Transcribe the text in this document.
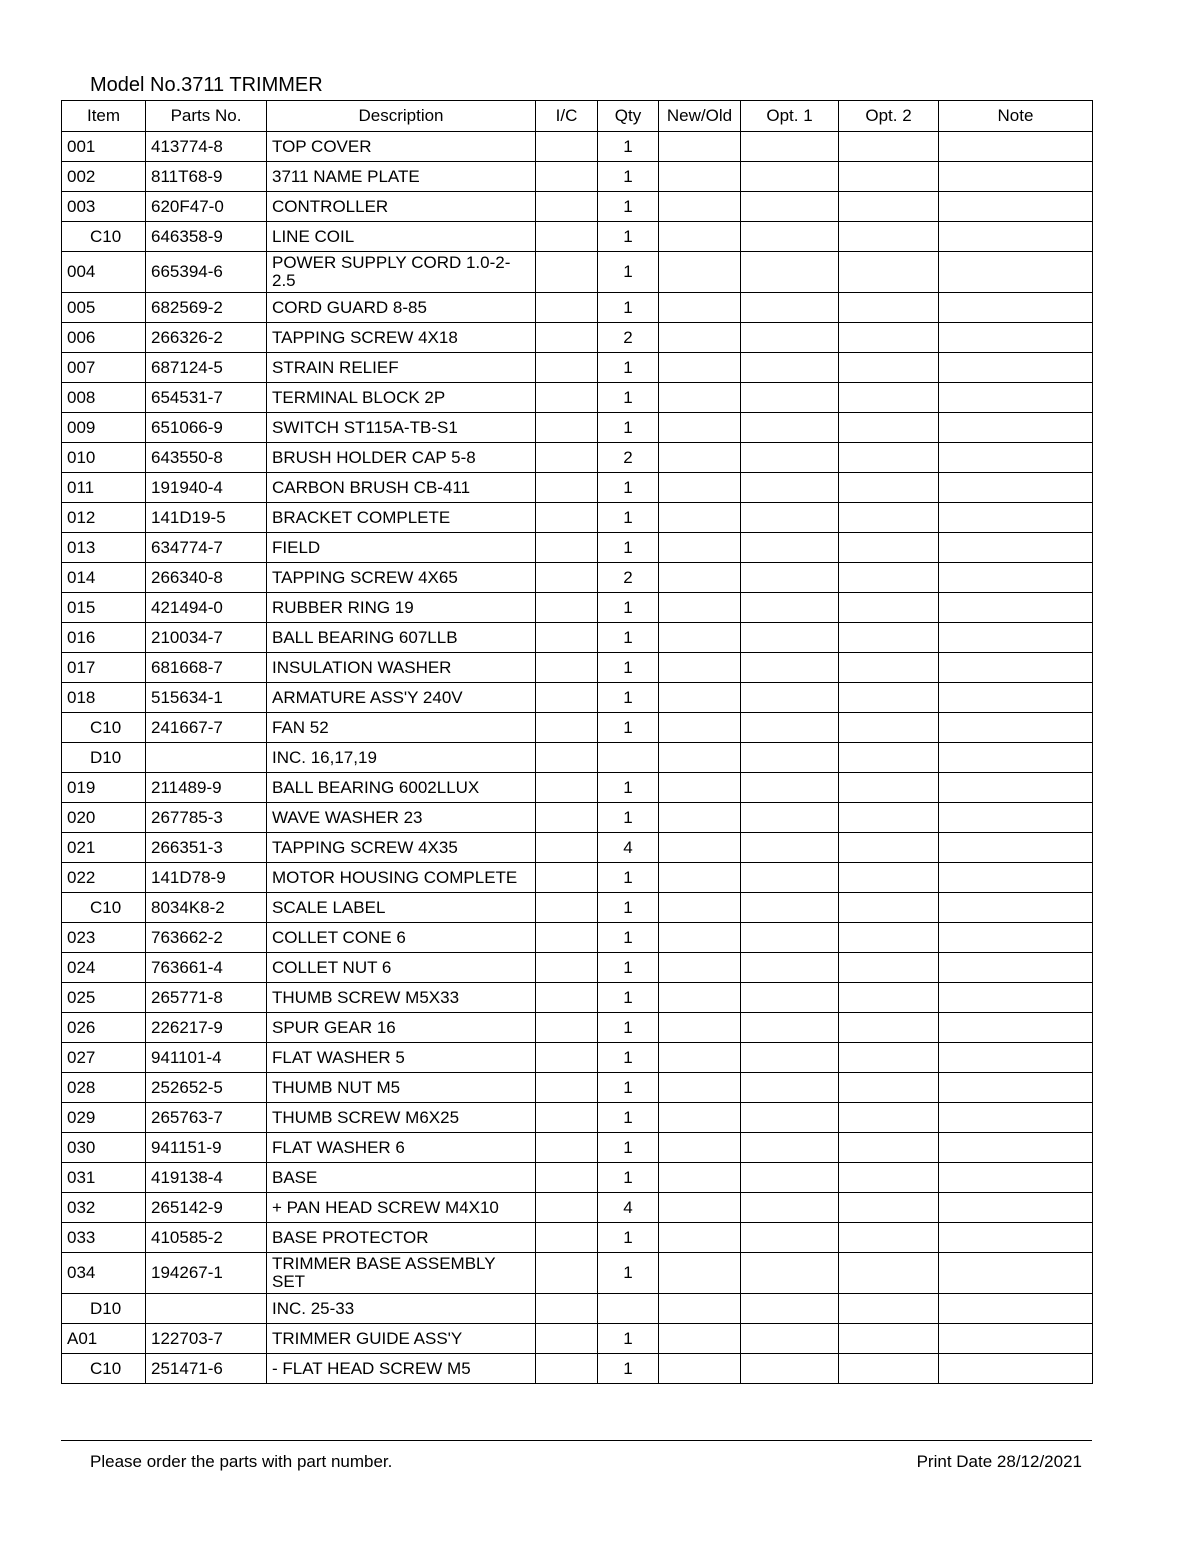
Model No.3711 TRIMMER
Item	Parts No.	Description	I/C	Qty	New/Old	Opt. 1	Opt. 2	Note
001	413774-8	TOP COVER		1				
002	811T68-9	3711 NAME PLATE		1				
003	620F47-0	CONTROLLER		1				
C10	646358-9	LINE COIL		1				
004	665394-6	POWER SUPPLY CORD 1.0-2-2.5		1				
005	682569-2	CORD GUARD 8-85		1				
006	266326-2	TAPPING SCREW 4X18		2				
007	687124-5	STRAIN RELIEF		1				
008	654531-7	TERMINAL BLOCK 2P		1				
009	651066-9	SWITCH ST115A-TB-S1		1				
010	643550-8	BRUSH HOLDER CAP 5-8		2				
011	191940-4	CARBON BRUSH CB-411		1				
012	141D19-5	BRACKET COMPLETE		1				
013	634774-7	FIELD		1				
014	266340-8	TAPPING SCREW 4X65		2				
015	421494-0	RUBBER RING 19		1				
016	210034-7	BALL BEARING 607LLB		1				
017	681668-7	INSULATION WASHER		1				
018	515634-1	ARMATURE ASS'Y 240V		1				
C10	241667-7	FAN 52		1				
D10		INC. 16,17,19						
019	211489-9	BALL BEARING 6002LLUX		1				
020	267785-3	WAVE WASHER 23		1				
021	266351-3	TAPPING SCREW 4X35		4				
022	141D78-9	MOTOR HOUSING COMPLETE		1				
C10	8034K8-2	SCALE LABEL		1				
023	763662-2	COLLET CONE 6		1				
024	763661-4	COLLET NUT 6		1				
025	265771-8	THUMB SCREW M5X33		1				
026	226217-9	SPUR GEAR 16		1				
027	941101-4	FLAT WASHER 5		1				
028	252652-5	THUMB NUT M5		1				
029	265763-7	THUMB SCREW M6X25		1				
030	941151-9	FLAT WASHER 6		1				
031	419138-4	BASE		1				
032	265142-9	+ PAN HEAD SCREW M4X10		4				
033	410585-2	BASE PROTECTOR		1				
034	194267-1	TRIMMER BASE ASSEMBLY SET		1				
D10		INC. 25-33						
A01	122703-7	TRIMMER GUIDE ASS'Y		1				
C10	251471-6	- FLAT HEAD SCREW M5		1				
Please order the parts with part number.	Print Date 28/12/2021
